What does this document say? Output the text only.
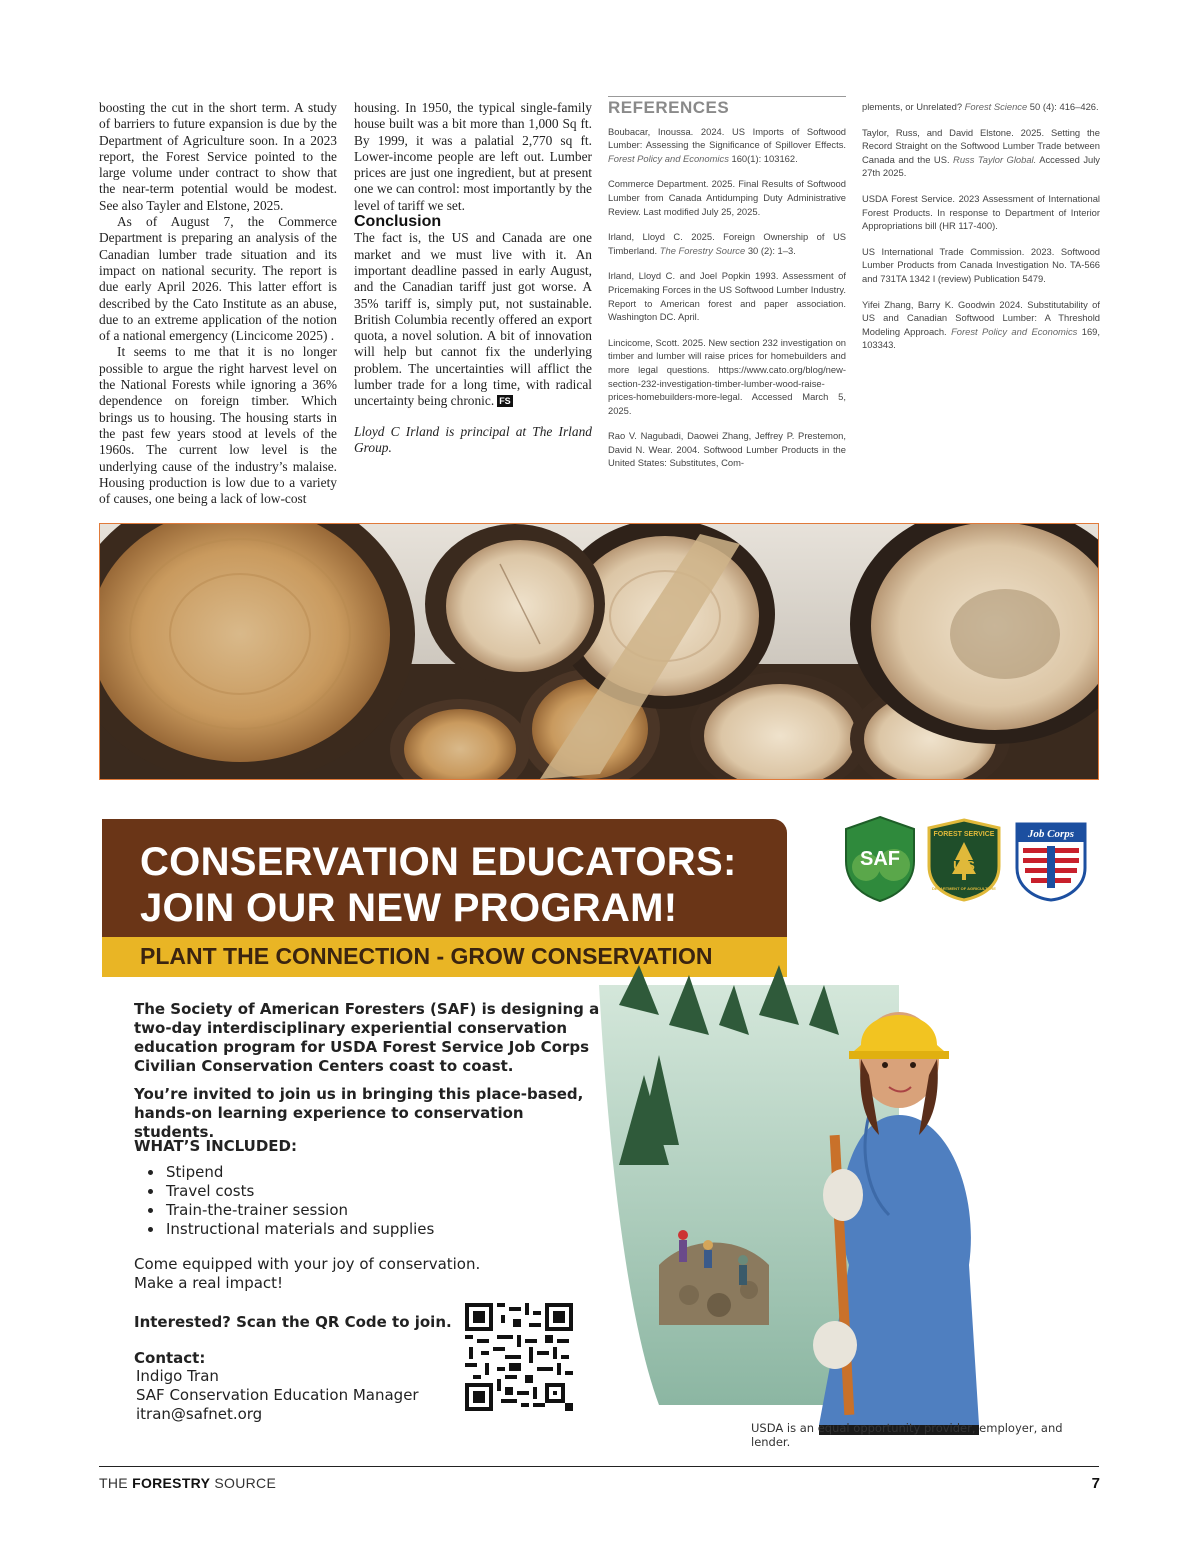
boosting the cut in the short term. A study of barriers to future expansion is due by the Department of Agriculture soon. In a 2023 report, the Forest Service pointed to the large volume under contract to show that the near-term potential would be modest. See also Tayler and Elstone, 2025.

As of August 7, the Commerce Department is preparing an analysis of the Canadian lumber trade situation and its impact on national security. The report is due early April 2026. This latter effort is described by the Cato Institute as an abuse, due to an extreme application of the notion of a national emergency (Lincicome 2025) .

It seems to me that it is no longer possible to argue the right harvest level on the National Forests while ignoring a 36% dependence on foreign timber. Which brings us to housing. The housing starts in the past few years stood at levels of the 1960s. The current low level is the underlying cause of the industry’s malaise. Housing production is low due to a variety of causes, one being a lack of low-cost

housing. In 1950, the typical single-family house built was a bit more than 1,000 Sq ft. By 1999, it was a palatial 2,770 sq ft. Lower-income people are left out. Lumber prices are just one ingredient, but at present one we can control: most importantly by the level of tariff we set.

Conclusion

The fact is, the US and Canada are one market and we must live with it. An important deadline passed in early August, and the Canadian tariff just got worse. A 35% tariff is, simply put, not sustainable. British Columbia recently offered an export quota, a novel solution. A bit of innovation will help but cannot fix the underlying problem. The uncertainties will afflict the lumber trade for a long time, with radical uncertainty being chronic. FS

Lloyd C Irland is principal at The Irland Group.

REFERENCES
Boubacar, Inoussa. 2024. US Imports of Softwood Lumber: Assessing the Significance of Spillover Effects. Forest Policy and Economics 160(1): 103162.
Commerce Department. 2025. Final Results of Softwood Lumber from Canada Antidumping Duty Administrative Review. Last modified July 25, 2025.
Irland, Lloyd C. 2025. Foreign Ownership of US Timberland. The Forestry Source 30 (2): 1–3.
Irland, Lloyd C. and Joel Popkin 1993. Assessment of Pricemaking Forces in the US Softwood Lumber Industry. Report to American forest and paper association. Washington DC. April.
Lincicome, Scott. 2025. New section 232 investigation on timber and lumber will raise prices for homebuilders and more legal questions. https://www.cato.org/blog/new-section-232-investigation-timber-lumber-wood-raise-prices-homebuilders-more-legal. Accessed March 5, 2025.
Rao V. Nagubadi, Daowei Zhang, Jeffrey P. Prestemon, David N. Wear. 2004. Softwood Lumber Products in the United States: Substitutes, Com-
plements, or Unrelated? Forest Science 50 (4): 416–426.
Taylor, Russ, and David Elstone. 2025. Setting the Record Straight on the Softwood Lumber Trade between Canada and the US. Russ Taylor Global. Accessed July 27th 2025.
USDA Forest Service. 2023 Assessment of International Forest Products. In response to Department of Interior Appropriations bill (HR 117-400).
US International Trade Commission. 2023. Softwood Lumber Products from Canada Investigation No. TA-566 and 731TA 1342 I (review) Publication 5479.
Yifei Zhang, Barry K. Goodwin 2024. Substitutability of US and Canadian Softwood Lumber: A Threshold Modeling Approach. Forest Policy and Economics 169, 103343.
CONSERVATION EDUCATORS:
JOIN OUR NEW PROGRAM!
PLANT THE CONNECTION - GROW CONSERVATION
The Society of American Foresters (SAF) is designing a two-day interdisciplinary experiential conservation education program for USDA Forest Service Job Corps Civilian Conservation Centers coast to coast.
You’re invited to join us in bringing this place-based, hands-on learning experience to conservation students.
WHAT’S INCLUDED:
• Stipend
• Travel costs
• Train-the-trainer session
• Instructional materials and supplies
Come equipped with your joy of conservation.
Make a real impact!
Interested? Scan the QR Code to join.
Contact:
Indigo Tran
SAF Conservation Education Manager
itran@safnet.org
SAF
FOREST SERVICE
U S
DEPARTMENT OF AGRICULTURE
Job Corps
USDA is an equal opportunity provider, employer, and lender.
THE FORESTRY SOURCE	7
